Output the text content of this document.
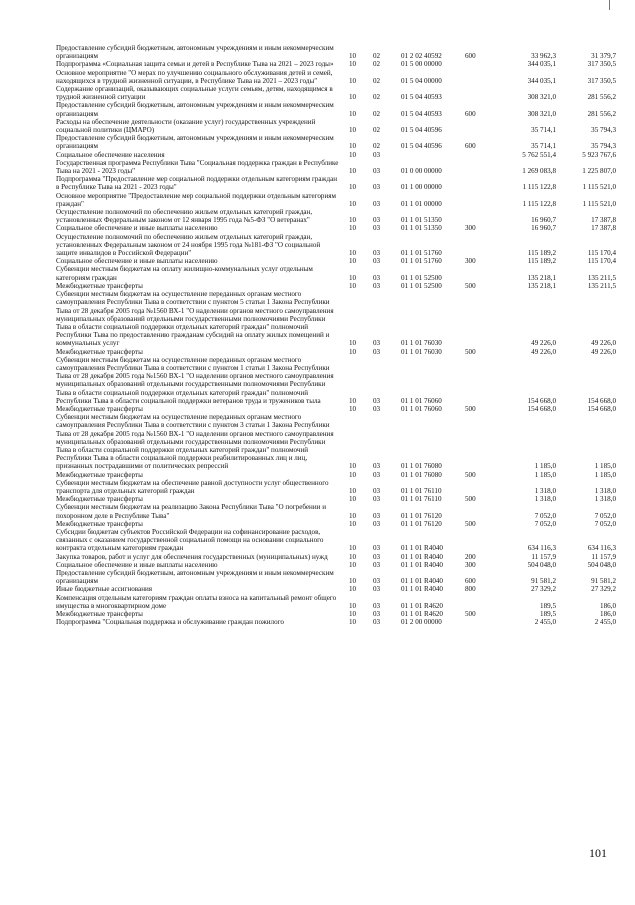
Предоставление субсидий бюджетным, автономным учреждениям и иным некоммерческим организациям	10 02	01 2 02 40592	600	33 962,3	31 379,7
Подпрограмма «Социальная защита семьи и детей в Республике Тыва на 2021 – 2023 годы»	10 02	01 5 00 00000	344 035,1	317 350,5
Основное мероприятие "О мерах по улучшению социального обслуживания детей и семей, находящихся в трудной жизненной ситуации, в Республике Тыва на 2021 – 2023 годы"	10 02	01 5 04 00000	344 035,1	317 350,5
Содержание организаций, оказывающих социальные услуги семьям, детям, находящимся в трудной жизненной ситуации	10 02	01 5 04 40593	308 321,0	281 556,2
Предоставление субсидий бюджетным, автономным учреждениям и иным некоммерческим организациям	10 02	01 5 04 40593	600	308 321,0	281 556,2
Расходы на обеспечение деятельности (оказание услуг) государственных учреждений социальной политики (ЦМАРО)	10 02	01 5 04 40596	35 714,1	35 794,3
Предоставление субсидий бюджетным, автономным учреждениям и иным некоммерческим организациям	10 02	01 5 04 40596	600	35 714,1	35 794,3
Социальное обеспечение населения	10 03	5 762 551,4	5 923 767,6
Государственная программа Республики Тыва "Социальная поддержка граждан в Республике Тыва на 2021 - 2023 годы"	10 03	01 0 00 00000	1 269 083,8	1 225 807,0
Подпрограмма "Предоставление мер социальной поддержки отдельным категориям граждан в Республике Тыва на 2021 - 2023 годы"	10 03	01 1 00 00000	1 115 122,8	1 115 521,0
Основное мероприятие "Предоставление мер социальной поддержки отдельным категориям граждан"	10 03	01 1 01 00000	1 115 122,8	1 115 521,0
Осуществление полномочий по обеспечению жильем отдельных категорий граждан, установленных Федеральным законом от 12 января 1995 года №5-ФЗ "О ветеранах"	10 03	01 1 01 51350	16 960,7	17 387,8
Социальное обеспечение и иные выплаты населению	10 03	01 1 01 51350	300	16 960,7	17 387,8
Осуществление полномочий по обеспечению жильем отдельных категорий граждан, установленных Федеральным законом от 24 ноября 1995 года №181-ФЗ "О социальной защите инвалидов в Российской Федерации"	10 03	01 1 01 51760	115 189,2	115 170,4
Социальное обеспечение и иные выплаты населению	10 03	01 1 01 51760	300	115 189,2	115 170,4
Субвенции местным бюджетам на оплату жилищно-коммунальных услуг отдельным категориям граждан	10 03	01 1 01 52500	135 218,1	135 211,5
Межбюджетные трансферты	10 03	01 1 01 52500	500	135 218,1	135 211,5
Субвенции местным бюджетам на осуществление переданных органам местного самоуправления Республики Тыва в соответствии с пунктом 5 статьи 1 Закона Республики Тыва от 28 декабря 2005 года №1560 ВХ-1 "О наделении органов местного самоуправления муниципальных образований отдельными государственными полномочиями Республики Тыва в области социальной поддержки отдельных категорий граждан" полномочий Республики Тыва по предоставлению гражданам субсидий на оплату жилых помещений и коммунальных услуг	10 03	01 1 01 76030	49 226,0	49 226,0
Межбюджетные трансферты	10 03	01 1 01 76030	500	49 226,0	49 226,0
Субвенции местным бюджетам на осуществление переданных органам местного самоуправления Республики Тыва в соответствии с пунктом 1 статьи 1 Закона Республики Тыва от 28 декабря 2005 года №1560 ВХ-1 "О наделении органов местного самоуправления муниципальных образований отдельными государственными полномочиями Республики Тыва в области социальной поддержки отдельных категорий граждан" полномочий Республики Тыва в области социальной поддержки ветеранов труда и тружеников тыла	10 03	01 1 01 76060	154 668,0	154 668,0
Межбюджетные трансферты	10 03	01 1 01 76060	500	154 668,0	154 668,0
Субвенции местным бюджетам на осуществление переданных органам местного самоуправления Республики Тыва в соответствии с пунктом 3 статьи 1 Закона Республики Тыва от 28 декабря 2005 года №1560 ВХ-1 "О наделении органов местного самоуправления муниципальных образований отдельными государственными полномочиями Республики Тыва в области социальной поддержки отдельных категорий граждан" полномочий Республики Тыва в области социальной поддержки реабилитированных лиц и лиц, признанных пострадавшими от политических репрессий	10 03	01 1 01 76080	1 185,0	1 185,0
Межбюджетные трансферты	10 03	01 1 01 76080	500	1 185,0	1 185,0
Субвенции местным бюджетам на обеспечение равной доступности услуг общественного транспорта для отдельных категорий граждан	10 03	01 1 01 76110	1 318,0	1 318,0
Межбюджетные трансферты	10 03	01 1 01 76110	500	1 318,0	1 318,0
Субвенции местным бюджетам на реализацию Закона Республики Тыва "О погребении и похоронном деле в Республике Тыва"	10 03	01 1 01 76120	7 052,0	7 052,0
Межбюджетные трансферты	10 03	01 1 01 76120	500	7 052,0	7 052,0
Субсидии бюджетам субъектов Российской Федерации на софинансирование расходов, связанных с оказанием государственной социальной помощи на основании социального контракта отдельным категориям граждан	10 03	01 1 01 R4040	634 116,3	634 116,3
Закупка товаров, работ и услуг для обеспечения государственных (муниципальных) нужд	10 03	01 1 01 R4040	200	11 157,9	11 157,9
Социальное обеспечение и иные выплаты населению	10 03	01 1 01 R4040	300	504 048,0	504 048,0
Предоставление субсидий бюджетным, автономным учреждениям и иным некоммерческим организациям	10 03	01 1 01 R4040	600	91 581,2	91 581,2
Иные бюджетные ассигнования	10 03	01 1 01 R4040	800	27 329,2	27 329,2
Компенсация отдельным категориям граждан оплаты взноса на капитальный ремонт общего имущества в многоквартирном доме	10 03	01 1 01 R4620	189,5	186,0
Межбюджетные трансферты	10 03	01 1 01 R4620	500	189,5	186,0
Подпрограмма "Социальная поддержка и обслуживание граждан пожилого	10 03	01 2 00 00000	2 455,0	2 455,0
101
